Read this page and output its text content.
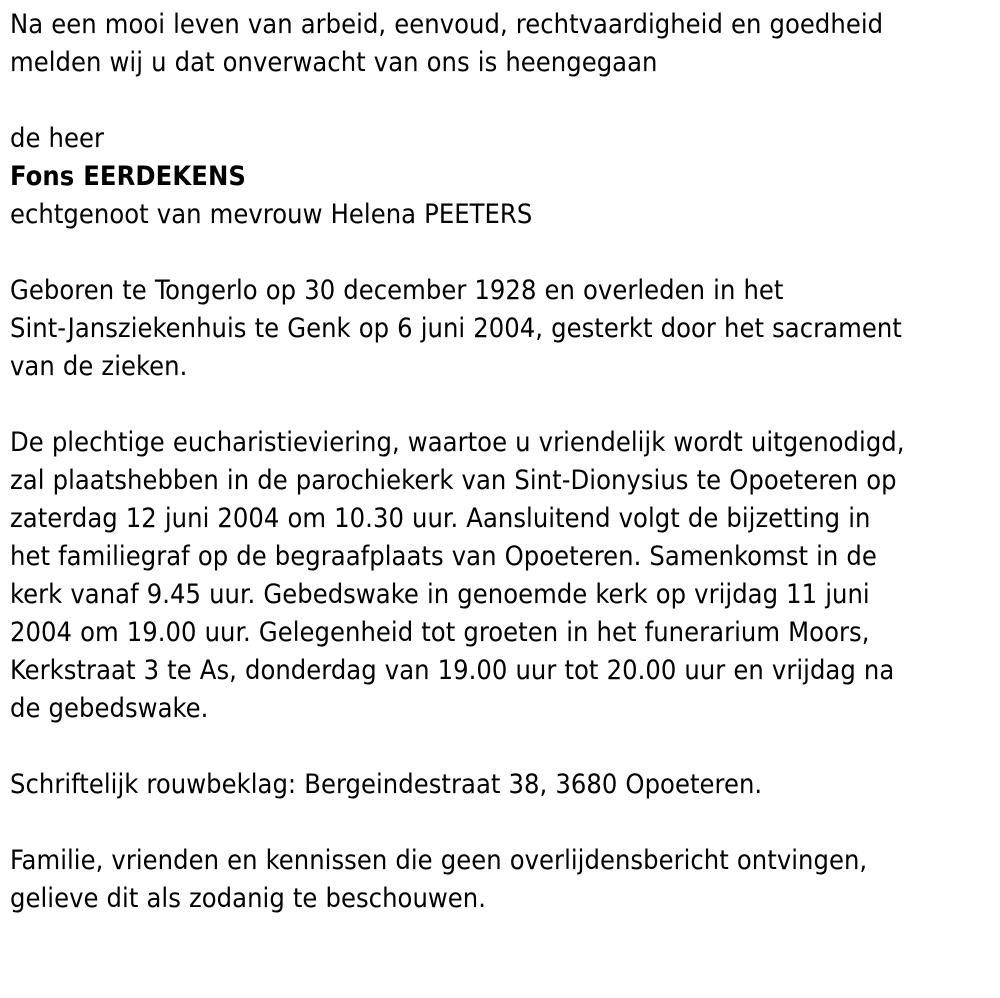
Na een mooi leven van arbeid, eenvoud, rechtvaardigheid en goedheid
melden wij u dat onverwacht van ons is heengegaan

de heer

Fons EERDEKENS

echtgenoot van mevrouw Helena PEETERS

Geboren te Tongerlo op 30 december 1928 en overleden in het
Sint-Jansziekenhuis te Genk op 6 juni 2004, gesterkt door het sacrament
van de zieken.

De plechtige eucharistieviering, waartoe u vriendelijk wordt uitgenodigd,
zal plaatshebben in de parochiekerk van Sint-Dionysius te Opoeteren op
zaterdag 12 juni 2004 om 10.30 uur. Aansluitend volgt de bijzetting in
het familiegraf op de begraafplaats van Opoeteren. Samenkomst in de
kerk vanaf 9.45 uur. Gebedswake in genoemde kerk op vrijdag 11 juni
2004 om 19.00 uur. Gelegenheid tot groeten in het funerarium Moors,
Kerkstraat 3 te As, donderdag van 19.00 uur tot 20.00 uur en vrijdag na
de gebedswake.

Schriftelijk rouwbeklag: Bergeindestraat 38, 3680 Opoeteren.

Familie, vrienden en kennissen die geen overlijdensbericht ontvingen,
gelieve dit als zodanig te beschouwen.
